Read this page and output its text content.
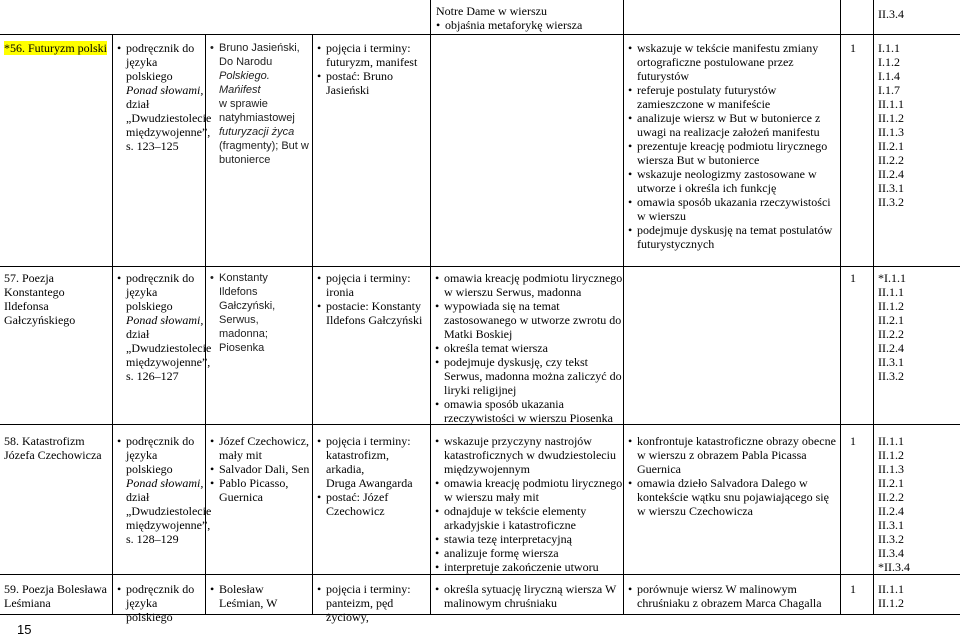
Notre Dame w wierszu
• objaśnia metaforykę wiersza
II.3.4
*56. Futuryzm polski
•	podręcznik do
języka polskiego
Ponad słowami,
dział
„Dwudziestolecie
międzywojenne”,
s. 123–125
• Bruno Jasieński,
Do Narodu
Polskiego. Mańifest
w sprawie
natyhmiastowej
futuryzacji życa
(fragmenty); But w
butonierce
• pojęcia i terminy:
futuryzm, manifest
• postać: Bruno Jasieński
• wskazuje w tekście manifestu zmiany ortograficzne postulowane przez futurystów
• referuje postulaty futurystów zamieszczone w manifeście
• analizuje wiersz w But w butonierce z uwagi na realizacje założeń manifestu
• prezentuje kreację podmiotu lirycznego wiersza But w butonierce
• wskazuje neologizmy zastosowane w utworze i określa ich funkcję
• omawia sposób ukazania rzeczywistości w wierszu
• podejmuje dyskusję na temat postulatów futurystycznych
1 I.1.1
I.1.2
I.1.4
I.1.7
II.1.1
II.1.2
II.1.3
II.2.1
II.2.2
II.2.4
II.3.1
II.3.2
57. Poezja Konstantego Ildefonsa Gałczyńskiego
• podręcznik do
języka polskiego
Ponad słowami,
dział
„Dwudziestolecie
międzywojenne”,
s. 126–127
• Konstanty
Ildefons
Gałczyński,
Serwus, madonna;
Piosenka
• pojęcia i terminy:
ironia
• postacie: Konstanty Ildefons Gałczyński
• omawia kreację podmiotu lirycznego w wierszu Serwus, madonna
• wypowiada się na temat zastosowanego w utworze zwrotu do Matki Boskiej
• określa temat wiersza
• podejmuje dyskusję, czy tekst Serwus, madonna można zaliczyć do liryki religijnej
• omawia sposób ukazania rzeczywistości w wierszu Piosenka
1 *I.1.1
II.1.1
II.1.2
II.2.1
II.2.2
II.2.4
II.3.1
II.3.2
58. Katastrofizm Józefa Czechowicza
• podręcznik do
języka polskiego
Ponad słowami,
dział
„Dwudziestolecie
międzywojenne”,
s. 128–129
• Józef Czechowicz, mały mit
• Salvador Dali, Sen
• Pablo Picasso, Guernica
• pojęcia i terminy:
katastrofizm, arkadia,
Druga Awangarda
• postać: Józef Czechowicz
• wskazuje przyczyny nastrojów katastroficznych w dwudziestoleciu międzywojennym
• omawia kreację podmiotu lirycznego w wierszu mały mit
• odnajduje w tekście elementy arkadyjskie i katastroficzne
• stawia tezę interpretacyjną
• analizuje formę wiersza
• interpretuje zakończenie utworu
• konfrontuje katastroficzne obrazy obecne w wierszu z obrazem Pabla Picassa Guernica
• omawia dzieło Salvadora Dalego w kontekście wątku snu pojawiającego się w wierszu Czechowicza
1 II.1.1
II.1.2
II.1.3
II.2.1
II.2.2
II.2.4
II.3.1
II.3.2
II.3.4
*II.3.4
59. Poezja Bolesława Leśmiana
• podręcznik do
języka polskiego
• Bolesław Leśmian, W
• pojęcia i terminy:
panteizm, pęd życiowy,
• określa sytuację liryczną wiersza W malinowym chruśniaku
• porównuje wiersz W malinowym chruśniaku z obrazem Marca Chagalla
1 II.1.1
II.1.2
15
